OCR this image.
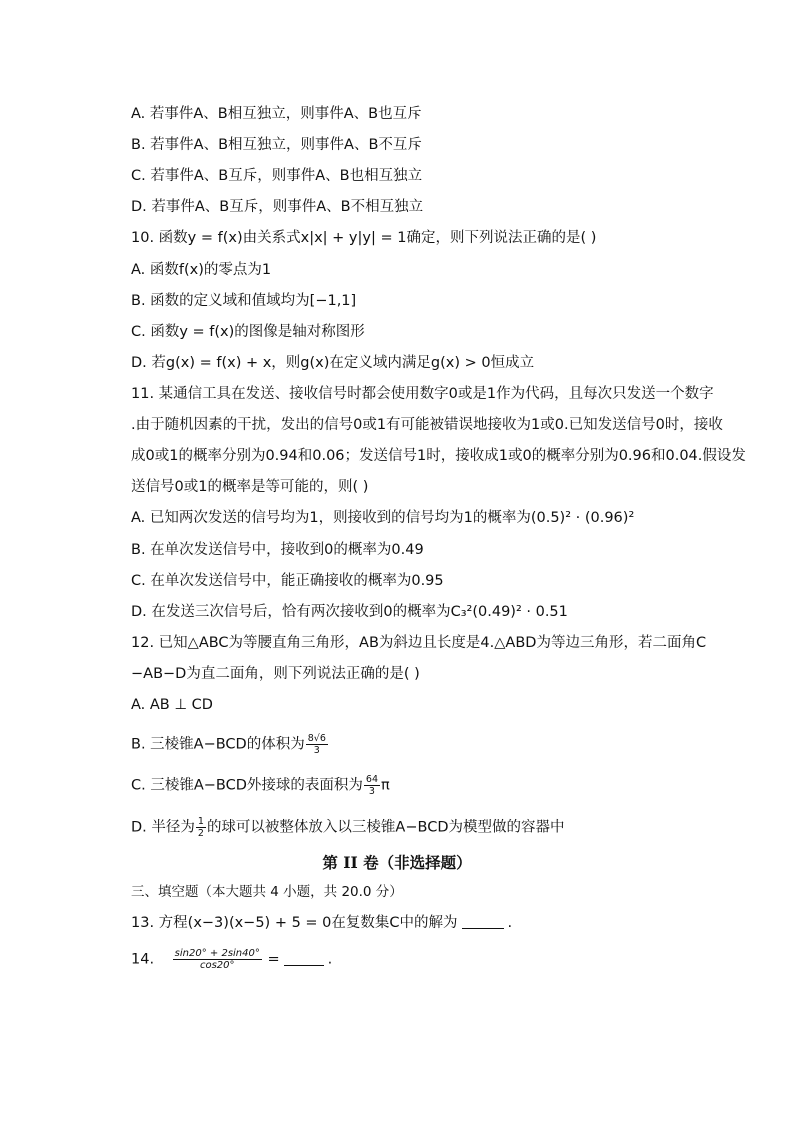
A. 若事件A、B相互独立，则事件A、B也互斥
B. 若事件A、B相互独立，则事件A、B不互斥
C. 若事件A、B互斥，则事件A、B也相互独立
D. 若事件A、B互斥，则事件A、B不相互独立
10. 函数y = f(x)由关系式x|x| + y|y| = 1确定，则下列说法正确的是( )
A. 函数f(x)的零点为1
B. 函数的定义域和值域均为[−1,1]
C. 函数y = f(x)的图像是轴对称图形
D. 若g(x) = f(x) + x，则g(x)在定义域内满足g(x) > 0恒成立
11. 某通信工具在发送、接收信号时都会使用数字0或是1作为代码，且每次只发送一个数字
.由于随机因素的干扰，发出的信号0或1有可能被错误地接收为1或0.已知发送信号0时，接收
成0或1的概率分别为0.94和0.06；发送信号1时，接收成1或0的概率分别为0.96和0.04.假设发
送信号0或1的概率是等可能的，则( )
A. 已知两次发送的信号均为1，则接收到的信号均为1的概率为(0.5)² · (0.96)²
B. 在单次发送信号中，接收到0的概率为0.49
C. 在单次发送信号中，能正确接收的概率为0.95
D. 在发送三次信号后，恰有两次接收到0的概率为C₃²(0.49)² · 0.51
12. 已知△ABC为等腰直角三角形，AB为斜边且长度是4.△ABD为等边三角形，若二面角C
−AB−D为直二面角，则下列说法正确的是( )
A. AB ⊥ CD
B. 三棱锥A−BCD的体积为 $\frac{8√6}{3}$
C. 三棱锥A−BCD外接球的表面积为 $\frac{64}{3}$ π
D. 半径为 $\frac{1}{2}$ 的球可以被整体放入以三棱锥A−BCD为模型做的容器中
第 II 卷（非选择题）
三、填空题（本大题共 4 小题，共 20.0 分）
13. 方程(x−3)(x−5) + 5 = 0在复数集C中的解为	.
14. $\frac{\sin 20^\circ + 2\sin 40^\circ}{\cos 20^\circ}$ =	.
